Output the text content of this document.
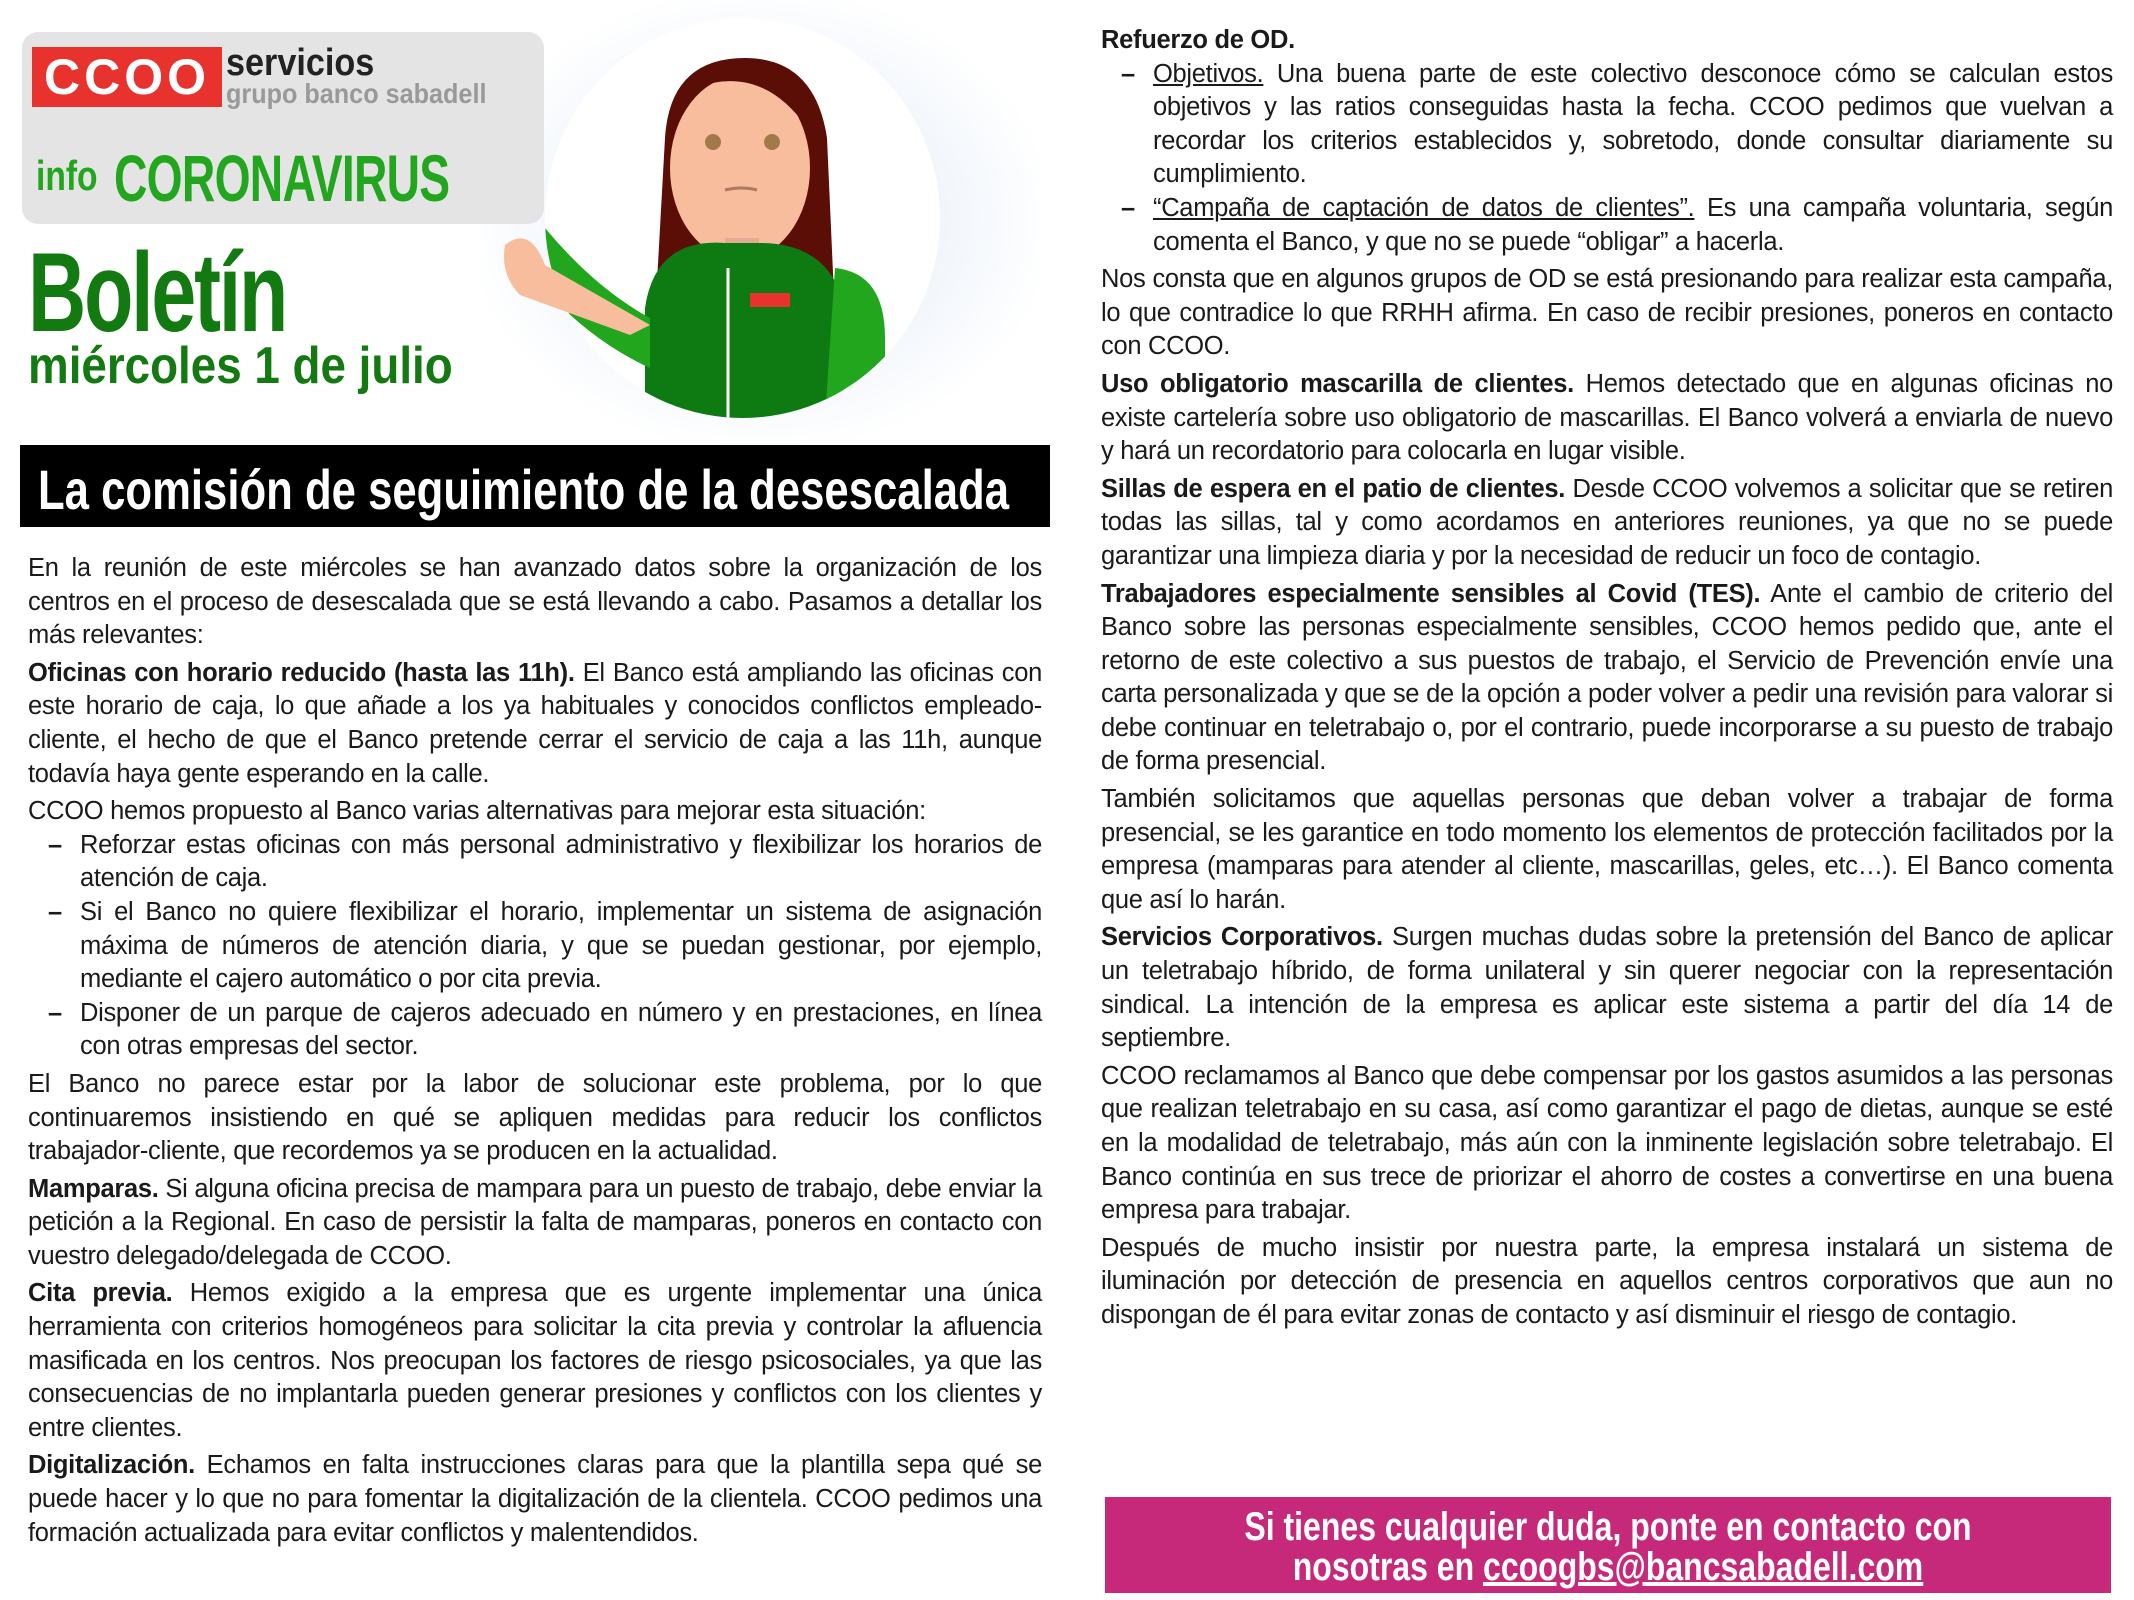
CCOO servicios
grupo banco sabadell
info CORONAVIRUS
Boletín
miércoles 1 de julio
La comisión de seguimiento de la desescalada

En la reunión de este miércoles se han avanzado datos sobre la organización de los centros en el proceso de desescalada que se está llevando a cabo. Pasamos a detallar los más relevantes:

Oficinas con horario reducido (hasta las 11h). El Banco está ampliando las oficinas con este horario de caja, lo que añade a los ya habituales y conocidos conflictos empleado-cliente, el hecho de que el Banco pretende cerrar el servicio de caja a las 11h, aunque todavía haya gente esperando en la calle.

CCOO hemos propuesto al Banco varias alternativas para mejorar esta situación:

– Reforzar estas oficinas con más personal administrativo y flexibilizar los horarios de atención de caja.
– Si el Banco no quiere flexibilizar el horario, implementar un sistema de asignación máxima de números de atención diaria, y que se puedan gestionar, por ejemplo, mediante el cajero automático o por cita previa.
– Disponer de un parque de cajeros adecuado en número y en prestaciones, en línea con otras empresas del sector.

El Banco no parece estar por la labor de solucionar este problema, por lo que continuaremos insistiendo en qué se apliquen medidas para reducir los conflictos trabajador-cliente, que recordemos ya se producen en la actualidad.

Mamparas. Si alguna oficina precisa de mampara para un puesto de trabajo, debe enviar la petición a la Regional. En caso de persistir la falta de mamparas, poneros en contacto con vuestro delegado/delegada de CCOO.

Cita previa. Hemos exigido a la empresa que es urgente implementar una única herramienta con criterios homogéneos para solicitar la cita previa y controlar la afluencia masificada en los centros. Nos preocupan los factores de riesgo psicosociales, ya que las consecuencias de no implantarla pueden generar presiones y conflictos con los clientes y entre clientes.

Digitalización. Echamos en falta instrucciones claras para que la plantilla sepa qué se puede hacer y lo que no para fomentar la digitalización de la clientela. CCOO pedimos una formación actualizada para evitar conflictos y malentendidos.

Refuerzo de OD.

– Objetivos. Una buena parte de este colectivo desconoce cómo se calculan estos objetivos y las ratios conseguidas hasta la fecha. CCOO pedimos que vuelvan a recordar los criterios establecidos y, sobretodo, donde consultar diariamente su cumplimiento.
– “Campaña de captación de datos de clientes”. Es una campaña voluntaria, según comenta el Banco, y que no se puede “obligar” a hacerla.

Nos consta que en algunos grupos de OD se está presionando para realizar esta campaña, lo que contradice lo que RRHH afirma. En caso de recibir presiones, poneros en contacto con CCOO.

Uso obligatorio mascarilla de clientes. Hemos detectado que en algunas oficinas no existe cartelería sobre uso obligatorio de mascarillas. El Banco volverá a enviarla de nuevo y hará un recordatorio para colocarla en lugar visible.

Sillas de espera en el patio de clientes. Desde CCOO volvemos a solicitar que se retiren todas las sillas, tal y como acordamos en anteriores reuniones, ya que no se puede garantizar una limpieza diaria y por la necesidad de reducir un foco de contagio.

Trabajadores especialmente sensibles al Covid (TES). Ante el cambio de criterio del Banco sobre las personas especialmente sensibles, CCOO hemos pedido que, ante el retorno de este colectivo a sus puestos de trabajo, el Servicio de Prevención envíe una carta personalizada y que se de la opción a poder volver a pedir una revisión para valorar si debe continuar en teletrabajo o, por el contrario, puede incorporarse a su puesto de trabajo de forma presencial.

También solicitamos que aquellas personas que deban volver a trabajar de forma presencial, se les garantice en todo momento los elementos de protección facilitados por la empresa (mamparas para atender al cliente, mascarillas, geles, etc…). El Banco comenta que así lo harán.

Servicios Corporativos. Surgen muchas dudas sobre la pretensión del Banco de aplicar un teletrabajo híbrido, de forma unilateral y sin querer negociar con la representación sindical. La intención de la empresa es aplicar este sistema a partir del día 14 de septiembre.

CCOO reclamamos al Banco que debe compensar por los gastos asumidos a las personas que realizan teletrabajo en su casa, así como garantizar el pago de dietas, aunque se esté en la modalidad de teletrabajo, más aún con la inminente legislación sobre teletrabajo. El Banco continúa en sus trece de priorizar el ahorro de costes a convertirse en una buena empresa para trabajar.

Después de mucho insistir por nuestra parte, la empresa instalará un sistema de iluminación por detección de presencia en aquellos centros corporativos que aun no dispongan de él para evitar zonas de contacto y así disminuir el riesgo de contagio.

Si tienes cualquier duda, ponte en contacto con
nosotras en ccoogbs@bancsabadell.com
